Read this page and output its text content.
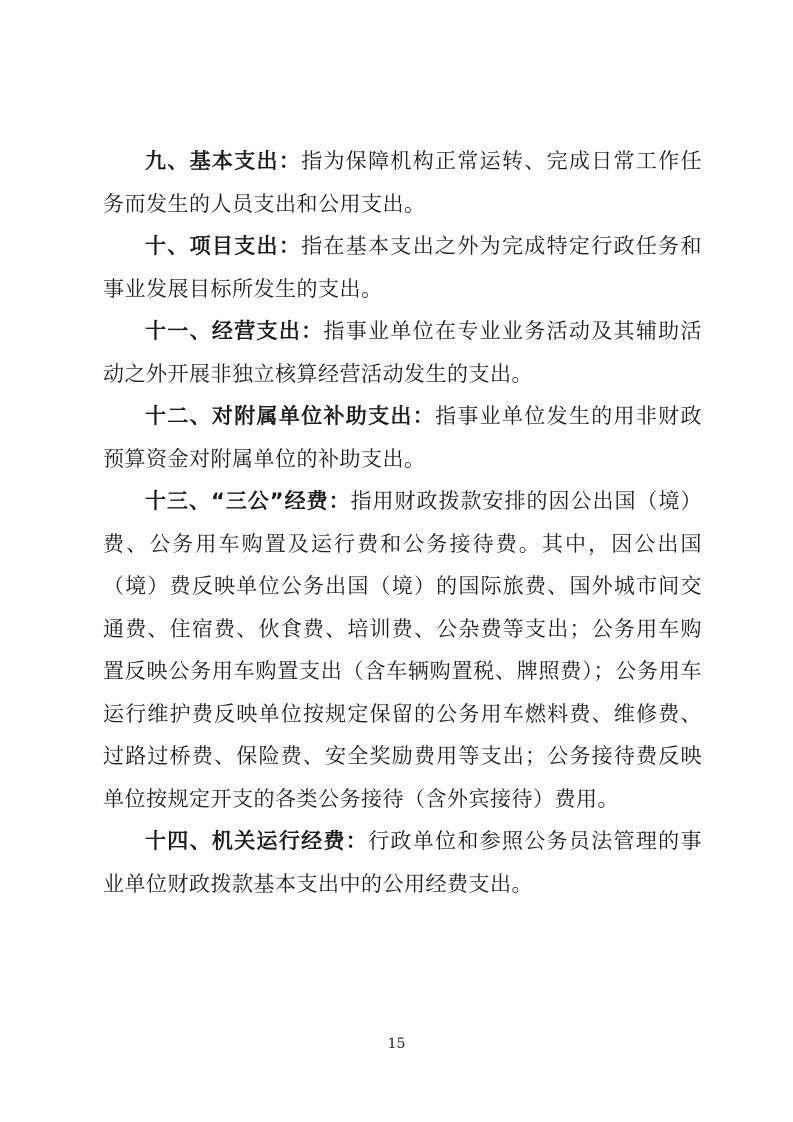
九、基本支出：指为保障机构正常运转、完成日常工作任务而发生的人员支出和公用支出。

十、项目支出：指在基本支出之外为完成特定行政任务和事业发展目标所发生的支出。

十一、经营支出：指事业单位在专业业务活动及其辅助活动之外开展非独立核算经营活动发生的支出。

十二、对附属单位补助支出：指事业单位发生的用非财政预算资金对附属单位的补助支出。

十三、“三公”经费：指用财政拨款安排的因公出国（境）费、公务用车购置及运行费和公务接待费。其中，因公出国（境）费反映单位公务出国（境）的国际旅费、国外城市间交通费、住宿费、伙食费、培训费、公杂费等支出；公务用车购置反映公务用车购置支出（含车辆购置税、牌照费）；公务用车运行维护费反映单位按规定保留的公务用车燃料费、维修费、过路过桥费、保险费、安全奖励费用等支出；公务接待费反映单位按规定开支的各类公务接待（含外宾接待）费用。

十四、机关运行经费：行政单位和参照公务员法管理的事业单位财政拨款基本支出中的公用经费支出。

15
